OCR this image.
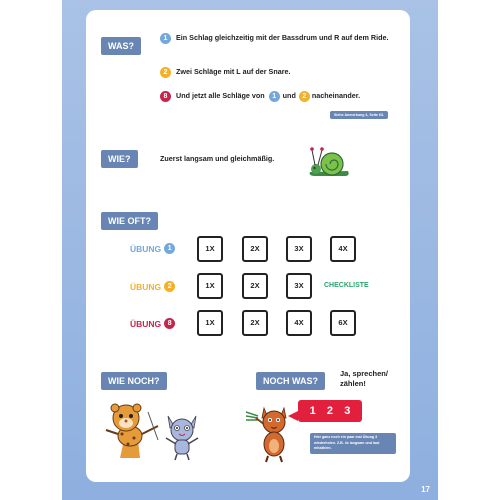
WAS?
1	Ein Schlag gleichzeitig mit der Bassdrum und R auf dem Ride.
2	Zwei Schläge mit L auf der Snare.
8	Und jetzt alle Schläge von	1 und 2 nacheinander.
Siehe Anmerkung 4, Seite 63.
WIE?	Zuerst langsam und gleichmäßig.
WIE OFT?
ÜBUNG 1	1X	2X	3X	4X
ÜBUNG 2	1X	2X	3X	CHECKLISTE
ÜBUNG 8	1X	2X	4X	6X
WIE NOCH?	NOCH WAS?
Ja, sprechen/ zählen!
1 2 3
Hier ganz noch ein paar mal Übung 3 wiederholen. Z.B. 4x langsam und laut mitzählen.
17
